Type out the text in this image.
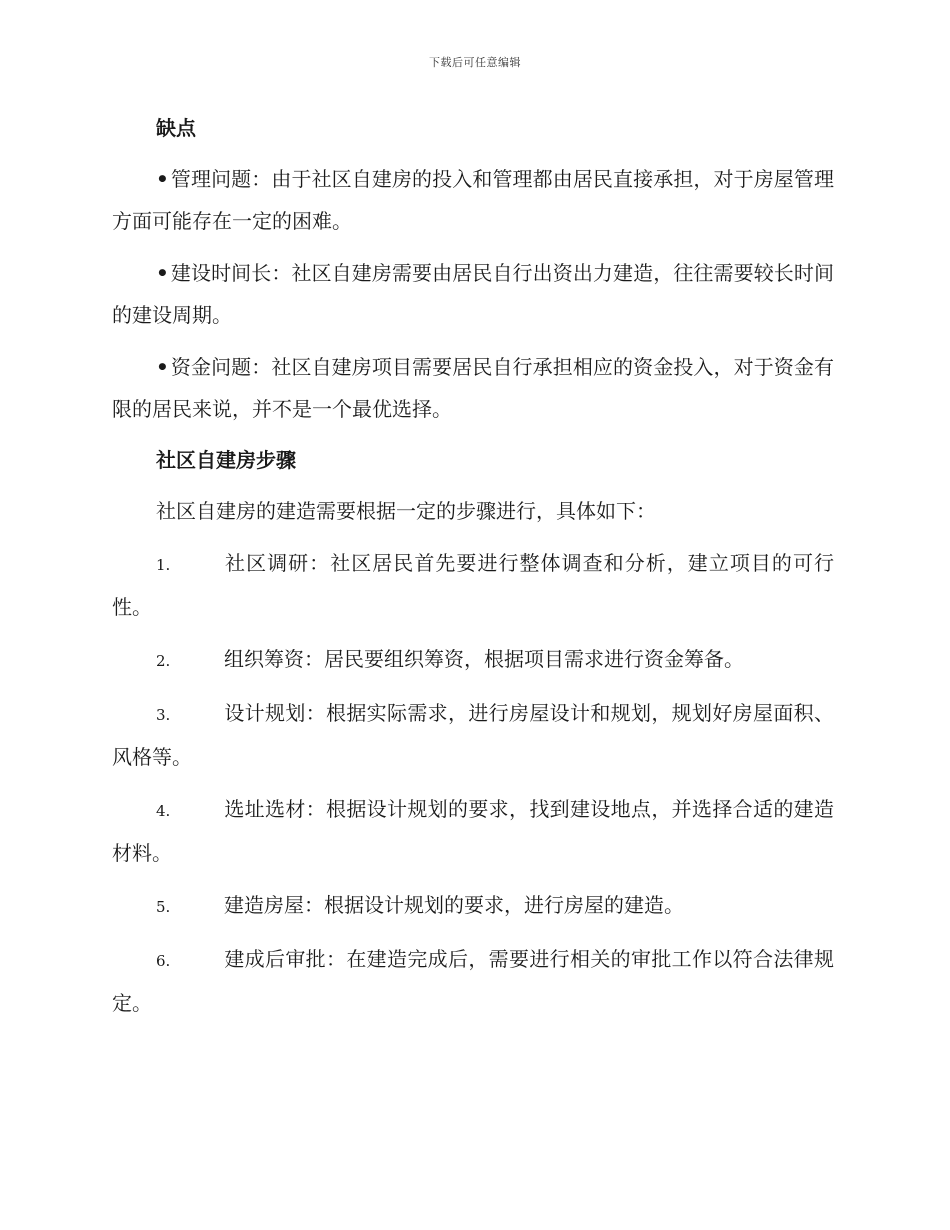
下载后可任意编辑
缺点

• 管理问题：由于社区自建房的投入和管理都由居民直接承担，对于房屋管理方面可能存在一定的困难。

• 建设时间长：社区自建房需要由居民自行出资出力建造，往往需要较长时间的建设周期。

• 资金问题：社区自建房项目需要居民自行承担相应的资金投入，对于资金有限的居民来说，并不是一个最优选择。

社区自建房步骤

社区自建房的建造需要根据一定的步骤进行，具体如下：

1.	社区调研：社区居民首先要进行整体调查和分析，建立项目的可行性。

2.	组织筹资：居民要组织筹资，根据项目需求进行资金筹备。

3.	设计规划：根据实际需求，进行房屋设计和规划，规划好房屋面积、风格等。

4.	选址选材：根据设计规划的要求，找到建设地点，并选择合适的建造材料。

5.	建造房屋：根据设计规划的要求，进行房屋的建造。

6.	建成后审批：在建造完成后，需要进行相关的审批工作以符合法律规定。
